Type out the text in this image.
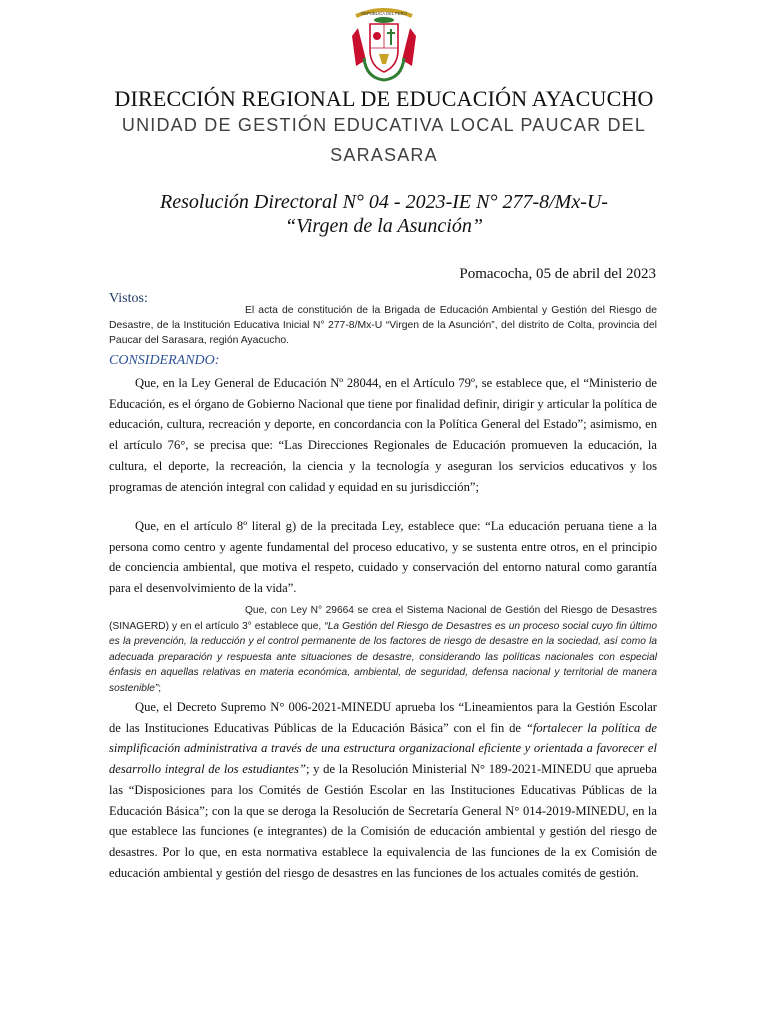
REPÚBLICA DEL PERÚ
DIRECCIÓN REGIONAL DE EDUCACIÓN AYACUCHO
UNIDAD DE GESTIÓN EDUCATIVA LOCAL PAUCAR DEL SARASARA
Resolución Directoral N° 04 - 2023-IE N° 277-8/Mx-U-
“Virgen de la Asunción”
Pomacocha, 05 de abril del 2023
Vistos:
El acta de constitución de la Brigada de Educación Ambiental y Gestión del Riesgo de Desastre, de la Institución Educativa Inicial N° 277-8/Mx-U “Virgen de la Asunción”, del distrito de Colta, provincia del Paucar del Sarasara, región Ayacucho.
CONSIDERANDO:
Que, en la Ley General de Educación Nº 28044, en el Artículo 79º, se establece que, el “Ministerio de Educación, es el órgano de Gobierno Nacional que tiene por finalidad definir, dirigir y articular la política de educación, cultura, recreación y deporte, en concordancia con la Política General del Estado”; asimismo, en el artículo 76°, se precisa que: “Las Direcciones Regionales de Educación promueven la educación, la cultura, el deporte, la recreación, la ciencia y la tecnología y aseguran los servicios educativos y los programas de atención integral con calidad y equidad en su jurisdicción”;
Que, en el artículo 8º literal g) de la precitada Ley, establece que: “La educación peruana tiene a la persona como centro y agente fundamental del proceso educativo, y se sustenta entre otros, en el principio de conciencia ambiental, que motiva el respeto, cuidado y conservación del entorno natural como garantía para el desenvolvimiento de la vida”.
Que, con Ley N° 29664 se crea el Sistema Nacional de Gestión del Riesgo de Desastres (SINAGERD) y en el artículo 3° establece que, “La Gestión del Riesgo de Desastres es un proceso social cuyo fin último es la prevención, la reducción y el control permanente de los factores de riesgo de desastre en la sociedad, así como la adecuada preparación y respuesta ante situaciones de desastre, considerando las políticas nacionales con especial énfasis en aquellas relativas en materia económica, ambiental, de seguridad, defensa nacional y territorial de manera sostenible”;
Que, el Decreto Supremo N° 006-2021-MINEDU aprueba los “Lineamientos para la Gestión Escolar de las Instituciones Educativas Públicas de la Educación Básica” con el fin de “fortalecer la política de simplificación administrativa a través de una estructura organizacional eficiente y orientada a favorecer el desarrollo integral de los estudiantes”; y de la Resolución Ministerial N° 189-2021-MINEDU que aprueba las “Disposiciones para los Comités de Gestión Escolar en las Instituciones Educativas Públicas de la Educación Básica”; con la que se deroga la Resolución de Secretaría General N° 014-2019-MINEDU, en la que establece las funciones (e integrantes) de la Comisión de educación ambiental y gestión del riesgo de desastres. Por lo que, en esta normativa establece la equivalencia de las funciones de la ex Comisión de educación ambiental y gestión del riesgo de desastres en las funciones de los actuales comités de gestión.
